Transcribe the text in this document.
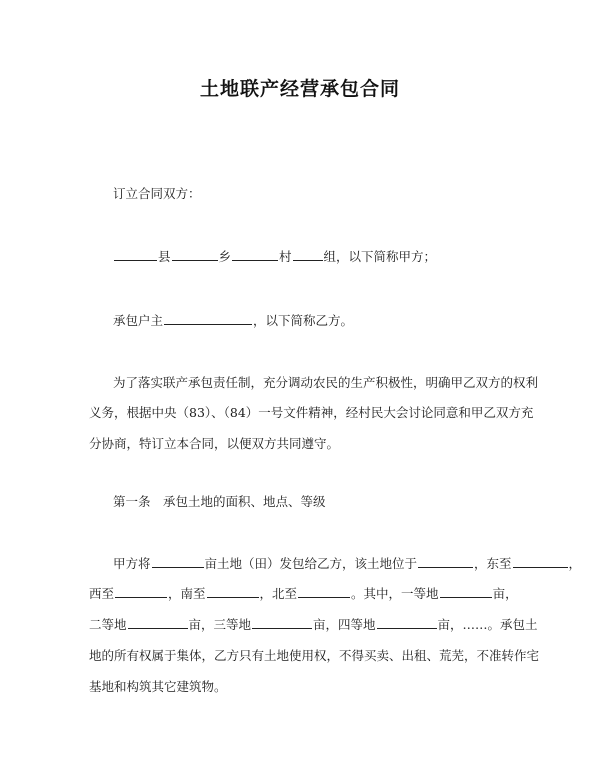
土地联产经营承包合同
订立合同双方：
县	乡	村	组，以下简称甲方；
承包户主	，以下简称乙方。
为了落实联产承包责任制，充分调动农民的生产积极性，明确甲乙双方的权利
义务，根据中央（83）、（84）一号文件精神，经村民大会讨论同意和甲乙双方充
分协商，特订立本合同，以便双方共同遵守。
第一条　承包土地的面积、地点、等级
甲方将	亩土地（田）发包给乙方，该土地位于	，东至	，
西至	，南至	，北至	。其中，一等地	亩，
二等地	亩，三等地	亩，四等地	亩，……。承包土
地的所有权属于集体，乙方只有土地使用权，不得买卖、出租、荒芜，不准转作宅
基地和构筑其它建筑物。
